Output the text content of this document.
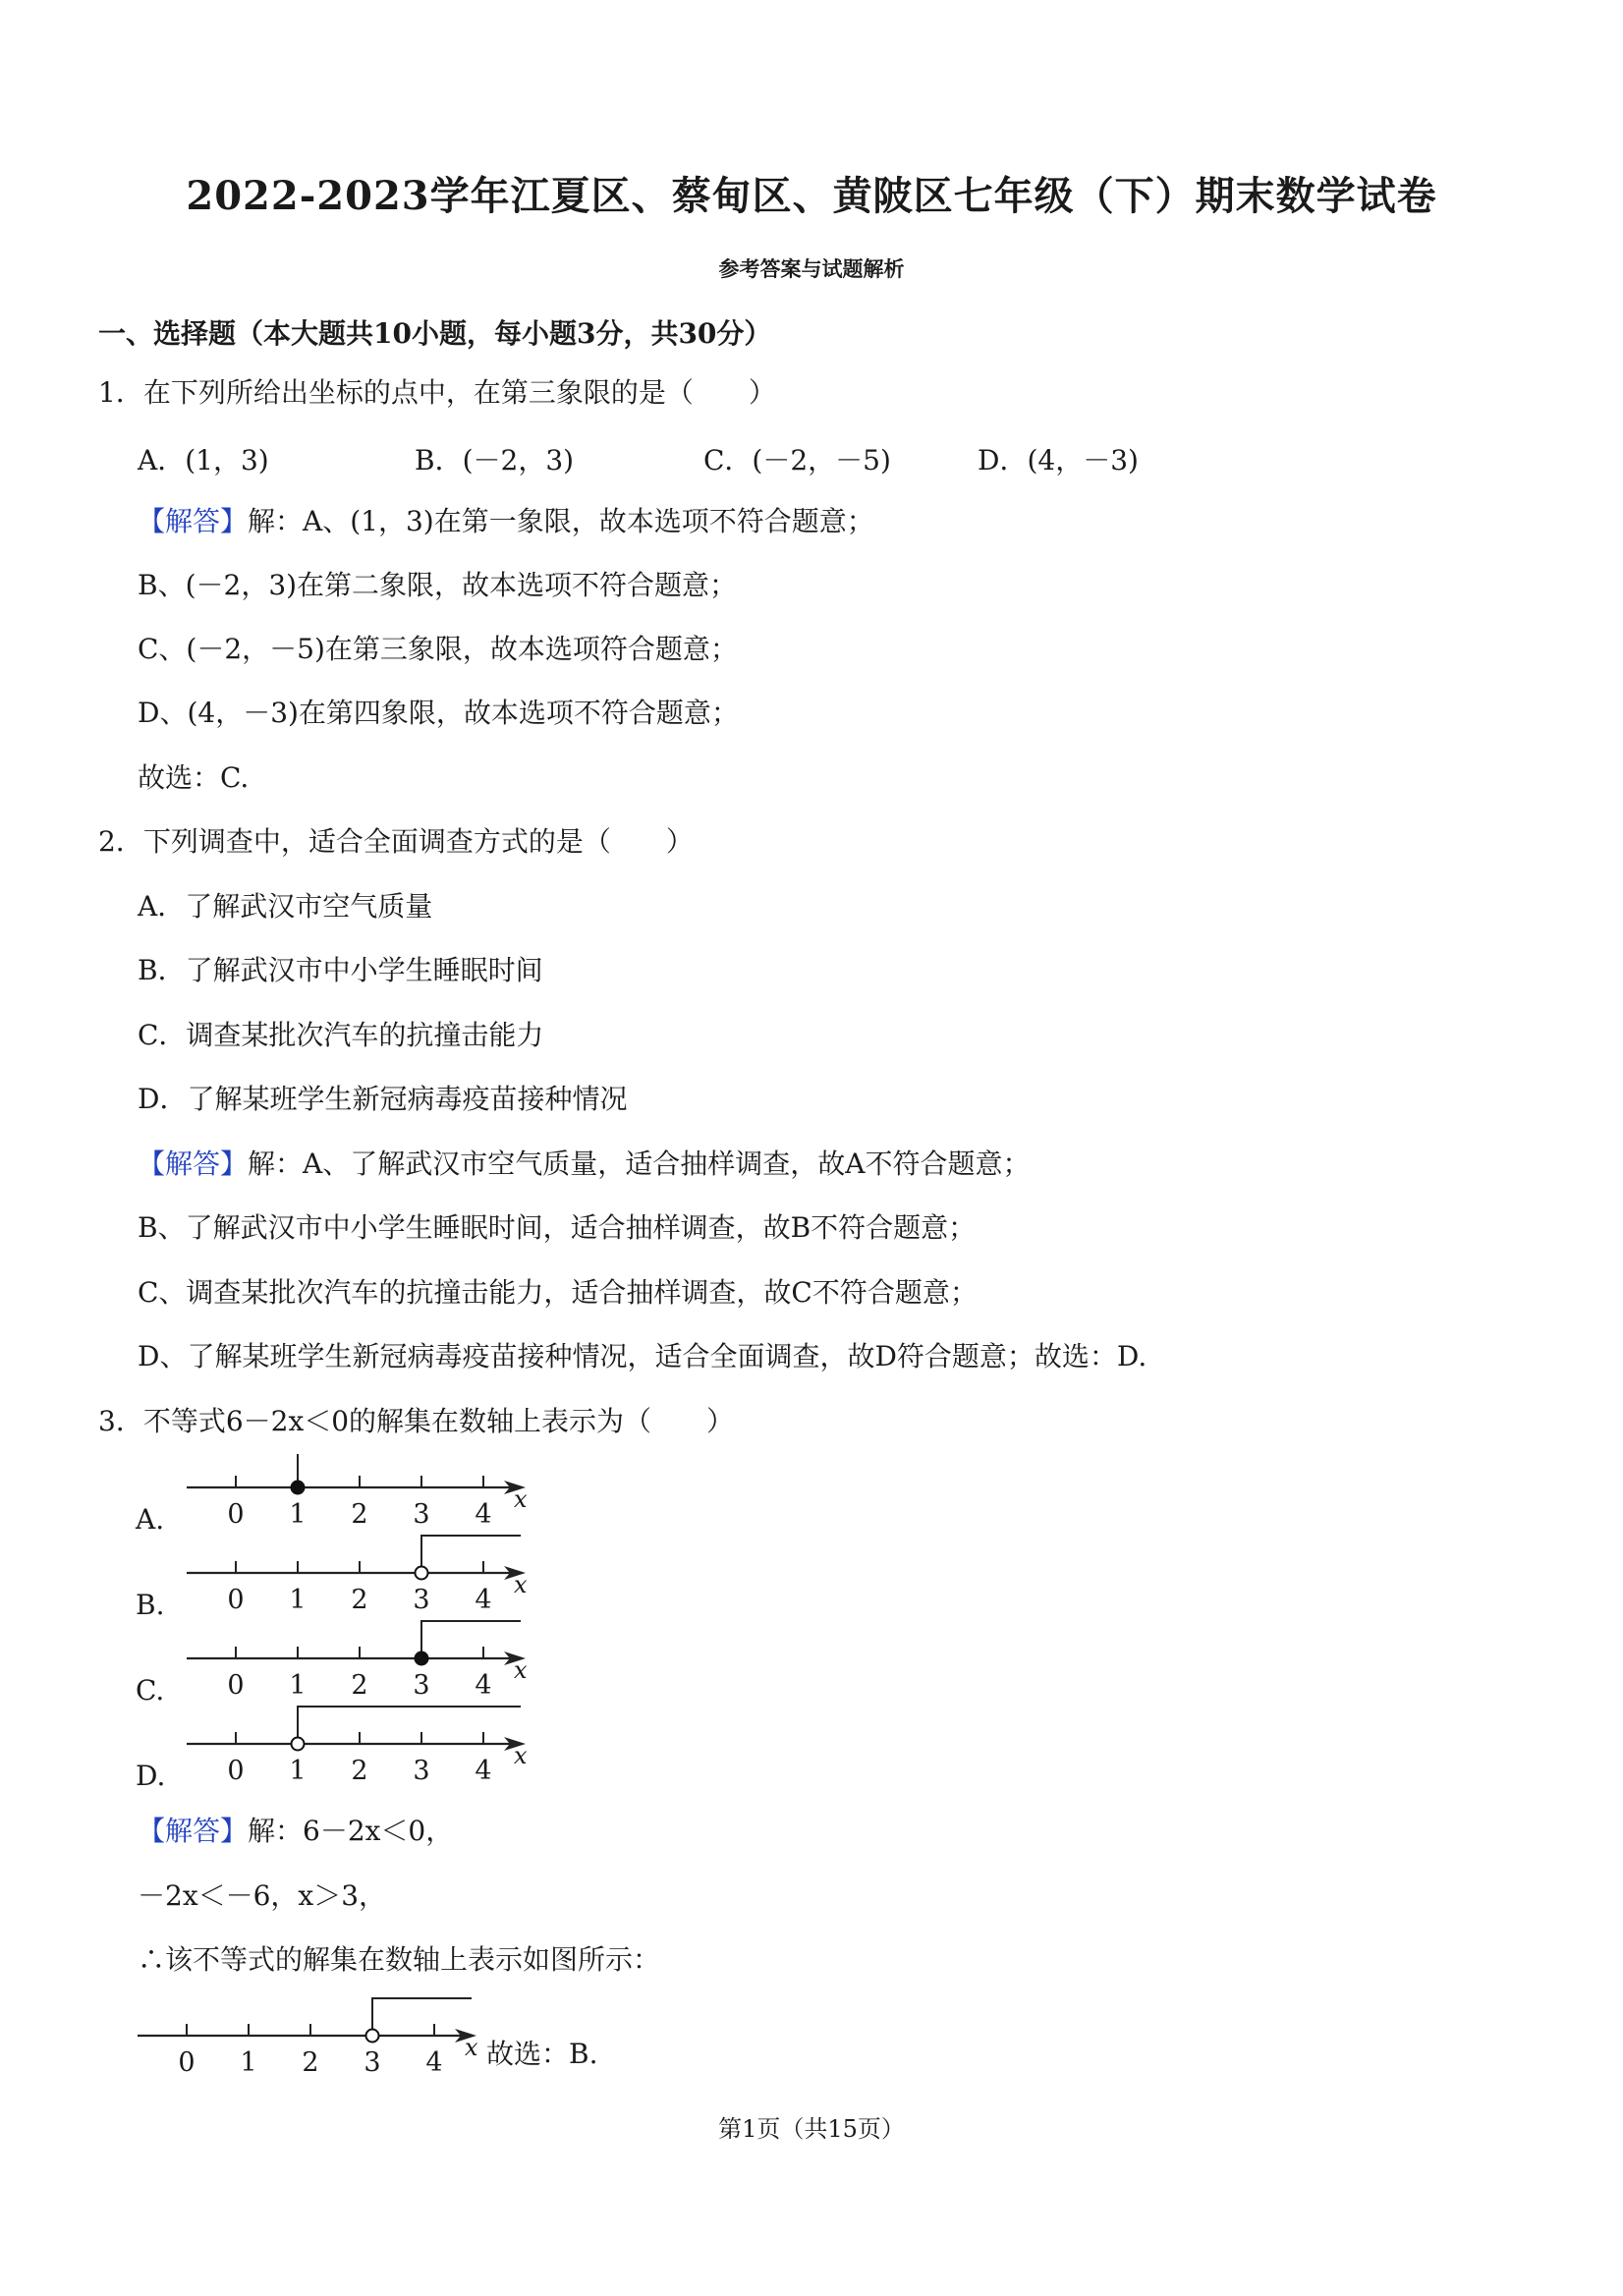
2022-2023学年江夏区、蔡甸区、黄陂区七年级（下）期末数学试卷
参考答案与试题解析
一、选择题（本大题共10小题，每小题3分，共30分）
1．在下列所给出坐标的点中，在第三象限的是（　　）
A．(1，3)	B．(－2，3)	C．(－2，－5)	D．(4，－3)
【解答】解：A、(1，3)在第一象限，故本选项不符合题意；
B、(－2，3)在第二象限，故本选项不符合题意；
C、(－2，－5)在第三象限，故本选项符合题意；
D、(4，－3)在第四象限，故本选项不符合题意；
故选：C.
2．下列调查中，适合全面调查方式的是（　　）
A．了解武汉市空气质量
B．了解武汉市中小学生睡眠时间
C．调查某批次汽车的抗撞击能力
D．了解某班学生新冠病毒疫苗接种情况
【解答】解：A、了解武汉市空气质量，适合抽样调查，故A不符合题意；
B、了解武汉市中小学生睡眠时间，适合抽样调查，故B不符合题意；
C、调查某批次汽车的抗撞击能力，适合抽样调查，故C不符合题意；
D、了解某班学生新冠病毒疫苗接种情况，适合全面调查，故D符合题意；故选：D.
3．不等式6－2x＜0的解集在数轴上表示为（　　）
A.
B.
C.
D.
0 1 2 3 4 x
0 1 2 3 4 x
0 1 2 3 4 x
0 1 2 3 4 x
【解答】解：6－2x＜0，
－2x＜－6，x＞3，
∴该不等式的解集在数轴上表示如图所示：
0 1 2 3 4 x 故选：B.
第1页（共15页）
